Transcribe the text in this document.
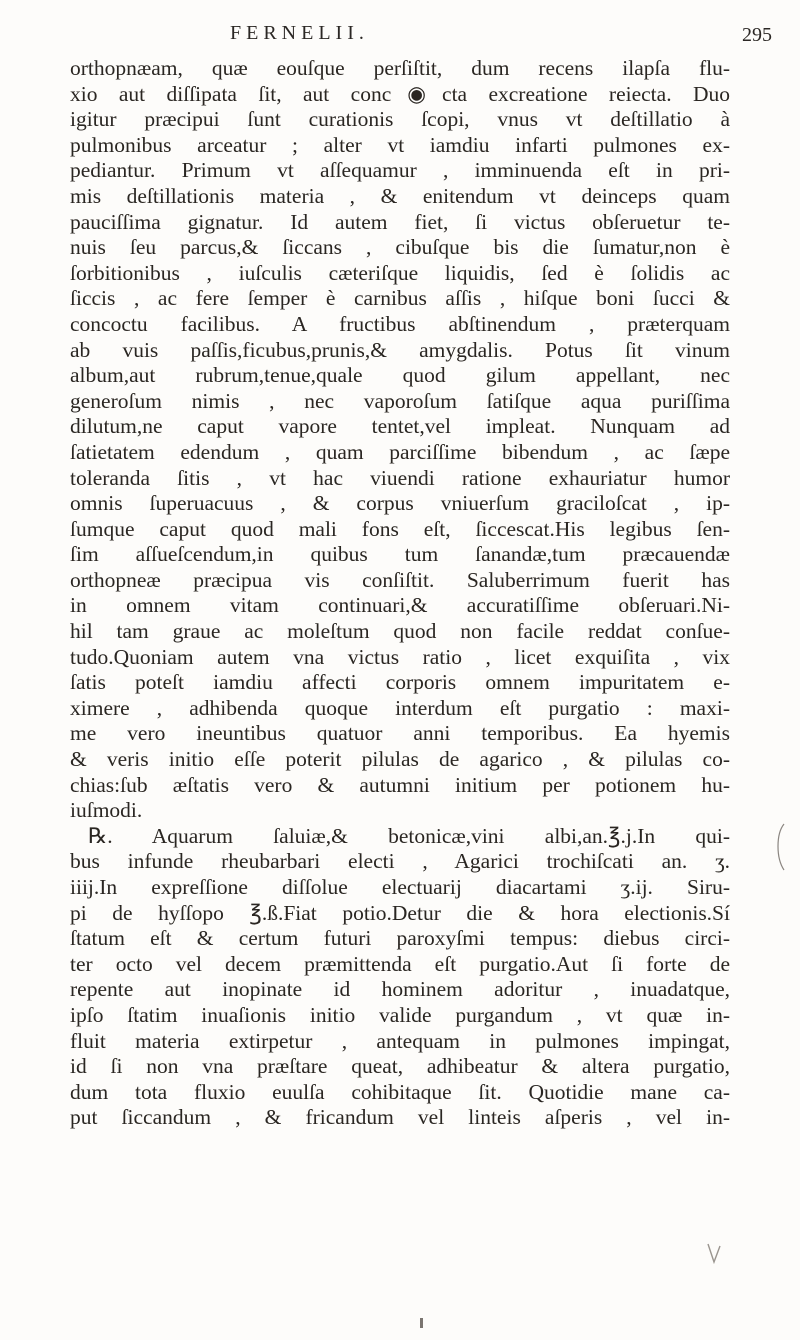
FERNELII.	295
orthopnæam, quæ eouſque perſiſtit, dum recens ilapſa flu-
xio aut diſſipata ſit, aut conc◉cta excreatione reiecta. Duo
igitur præcipui ſunt curationis ſcopi, vnus vt deſtillatio à
pulmonibus arceatur ; alter vt iamdiu infarti pulmones ex-
pediantur. Primum vt aſſequamur , imminuenda eſt in pri-
mis deſtillationis materia , & enitendum vt deinceps quam
pauciſſima gignatur. Id autem fiet, ſi victus obſeruetur te-
nuis ſeu parcus,& ſiccans , cibuſque bis die ſumatur,non è
ſorbitionibus , iuſculis cæteriſque liquidis, ſed è ſolidis ac
ſiccis , ac fere ſemper è carnibus aſſis , hiſque boni ſucci &
concoctu facilibus. A fructibus abſtinendum , præterquam
ab vuis paſſis,ficubus,prunis,& amygdalis. Potus ſit vinum
album,aut rubrum,tenue,quale quod gilum appellant, nec
generoſum nimis , nec vaporoſum ſatiſque aqua puriſſima
dilutum,ne caput vapore tentet,vel impleat. Nunquam ad
ſatietatem edendum , quam parciſſime bibendum , ac ſæpe
toleranda ſitis , vt hac viuendi ratione exhauriatur humor
omnis ſuperuacuus , & corpus vniuerſum graciloſcat , ip-
ſumque caput quod mali fons eſt, ſiccescat.His legibus ſen-
ſim aſſueſcendum,in quibus tum ſanandæ,tum præcauendæ
orthopneæ præcipua vis conſiſtit. Saluberrimum fuerit has
in omnem vitam continuari,& accuratiſſime obſeruari.Ni-
hil tam graue ac moleſtum quod non facile reddat conſue-
tudo.Quoniam autem vna victus ratio , licet exquiſita , vix
ſatis poteſt iamdiu affecti corporis omnem impuritatem e-
ximere , adhibenda quoque interdum eſt purgatio : maxi-
me vero ineuntibus quatuor anni temporibus. Ea hyemis
& veris initio eſſe poterit pilulas de agarico , & pilulas co-
chias:ſub æſtatis vero & autumni initium per potionem hu-
iuſmodi.
℞. Aquarum ſaluiæ,& betonicæ,vini albi,an.℥.j.In qui-
bus infunde rheubarbari electi , Agarici trochiſcati an. ʒ.
iiij.In expreſſione diſſolue electuarij diacartami ʒ.ij. Siru-
pi de hyſſopo ℥.ß.Fiat potio.Detur die & hora electionis.Sí
ſtatum eſt & certum futuri paroxyſmi tempus: diebus circi-
ter octo vel decem præmittenda eſt purgatio.Aut ſi forte de
repente aut inopinate id hominem adoritur , inuadatque,
ipſo ſtatim inuaſionis initio valide purgandum , vt quæ in-
fluit materia extirpetur , antequam in pulmones impingat,
id ſi non vna præſtare queat, adhibeatur & altera purgatio,
dum tota fluxio euulſa cohibitaque ſit. Quotidie mane ca-
put ſiccandum , & fricandum vel linteis aſperis , vel in-
